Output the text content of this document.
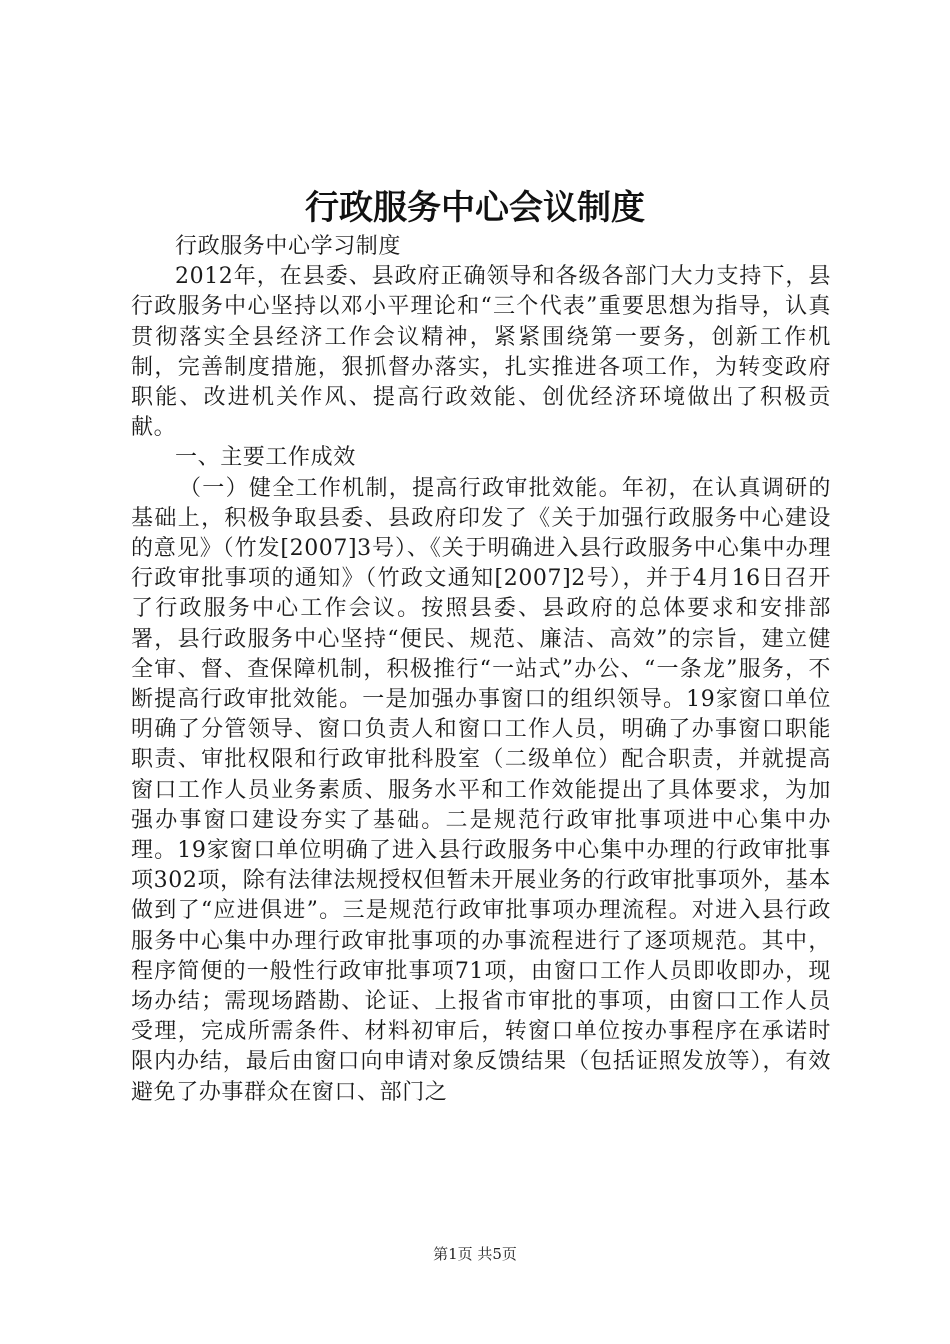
行政服务中心会议制度

行政服务中心学习制度

2012年，在县委、县政府正确领导和各级各部门大力支持下，县行政服务中心坚持以邓小平理论和“三个代表”重要思想为指导，认真贯彻落实全县经济工作会议精神，紧紧围绕第一要务，创新工作机制，完善制度措施，狠抓督办落实，扎实推进各项工作，为转变政府职能、改进机关作风、提高行政效能、创优经济环境做出了积极贡献。

一、主要工作成效

（一）健全工作机制，提高行政审批效能。年初，在认真调研的基础上，积极争取县委、县政府印发了《关于加强行政服务中心建设的意见》（竹发[2007]3号）、《关于明确进入县行政服务中心集中办理行政审批事项的通知》（竹政文通知[2007]2号），并于4月16日召开了行政服务中心工作会议。按照县委、县政府的总体要求和安排部署，县行政服务中心坚持“便民、规范、廉洁、高效”的宗旨，建立健全审、督、查保障机制，积极推行“一站式”办公、“一条龙”服务，不断提高行政审批效能。一是加强办事窗口的组织领导。19家窗口单位明确了分管领导、窗口负责人和窗口工作人员，明确了办事窗口职能职责、审批权限和行政审批科股室（二级单位）配合职责，并就提高窗口工作人员业务素质、服务水平和工作效能提出了具体要求，为加强办事窗口建设夯实了基础。二是规范行政审批事项进中心集中办理。19家窗口单位明确了进入县行政服务中心集中办理的行政审批事项302项，除有法律法规授权但暂未开展业务的行政审批事项外，基本做到了“应进俱进”。三是规范行政审批事项办理流程。对进入县行政服务中心集中办理行政审批事项的办事流程进行了逐项规范。其中，程序简便的一般性行政审批事项71项，由窗口工作人员即收即办，现场办结；需现场踏勘、论证、上报省市审批的事项，由窗口工作人员受理，完成所需条件、材料初审后，转窗口单位按办事程序在承诺时限内办结，最后由窗口向申请对象反馈结果（包括证照发放等），有效避免了办事群众在窗口、部门之

第1页 共5页
